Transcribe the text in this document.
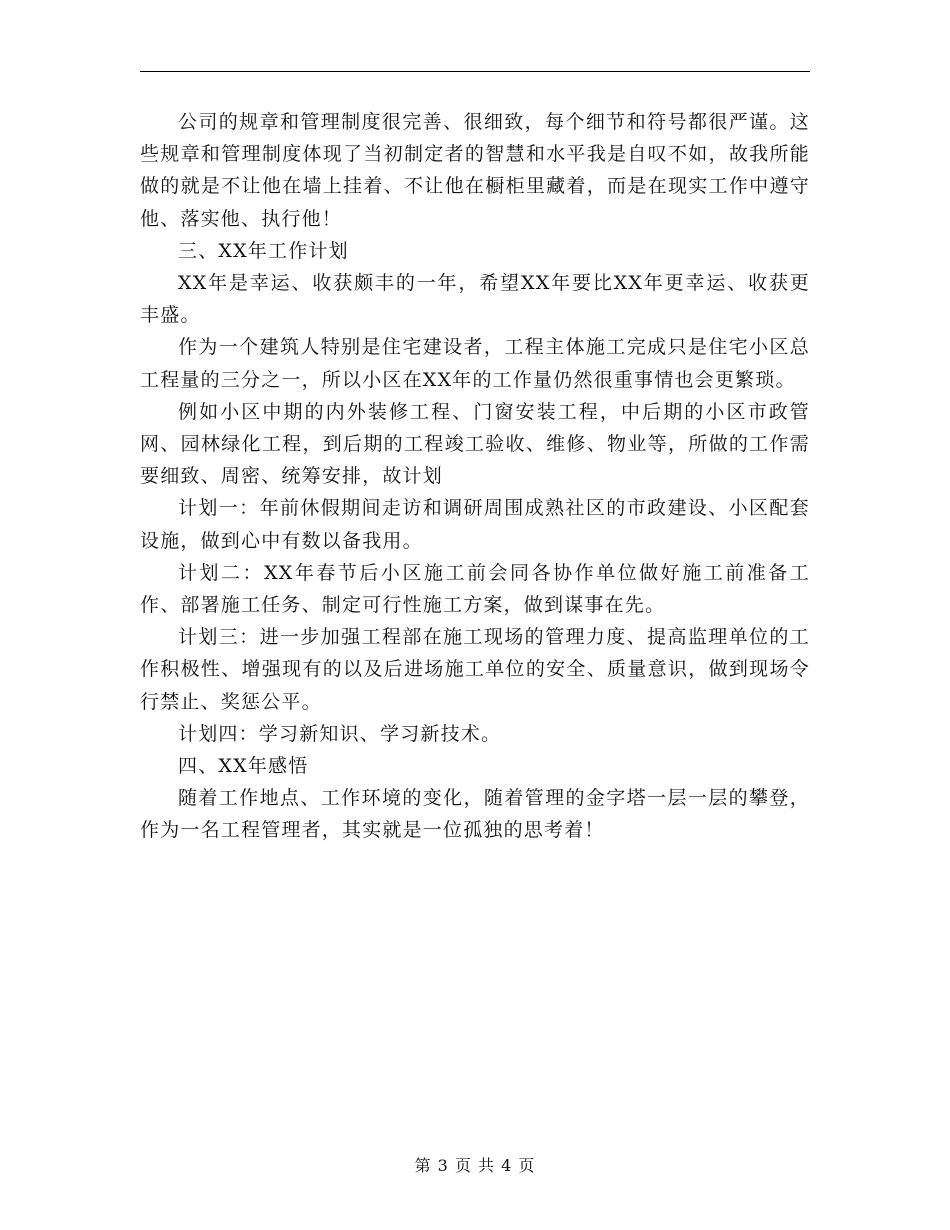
公司的规章和管理制度很完善、很细致，每个细节和符号都很严谨。这些规章和管理制度体现了当初制定者的智慧和水平我是自叹不如，故我所能做的就是不让他在墙上挂着、不让他在橱柜里藏着，而是在现实工作中遵守他、落实他、执行他！

三、XX年工作计划

XX年是幸运、收获颇丰的一年，希望XX年要比XX年更幸运、收获更丰盛。

作为一个建筑人特别是住宅建设者，工程主体施工完成只是住宅小区总工程量的三分之一，所以小区在XX年的工作量仍然很重事情也会更繁琐。

例如小区中期的内外装修工程、门窗安装工程，中后期的小区市政管网、园林绿化工程，到后期的工程竣工验收、维修、物业等，所做的工作需要细致、周密、统筹安排，故计划

计划一：年前休假期间走访和调研周围成熟社区的市政建设、小区配套设施，做到心中有数以备我用。

计划二：XX年春节后小区施工前会同各协作单位做好施工前准备工作、部署施工任务、制定可行性施工方案，做到谋事在先。

计划三：进一步加强工程部在施工现场的管理力度、提高监理单位的工作积极性、增强现有的以及后进场施工单位的安全、质量意识，做到现场令行禁止、奖惩公平。

计划四：学习新知识、学习新技术。

四、XX年感悟

随着工作地点、工作环境的变化，随着管理的金字塔一层一层的攀登，作为一名工程管理者，其实就是一位孤独的思考着！

第 3 页 共 4 页
